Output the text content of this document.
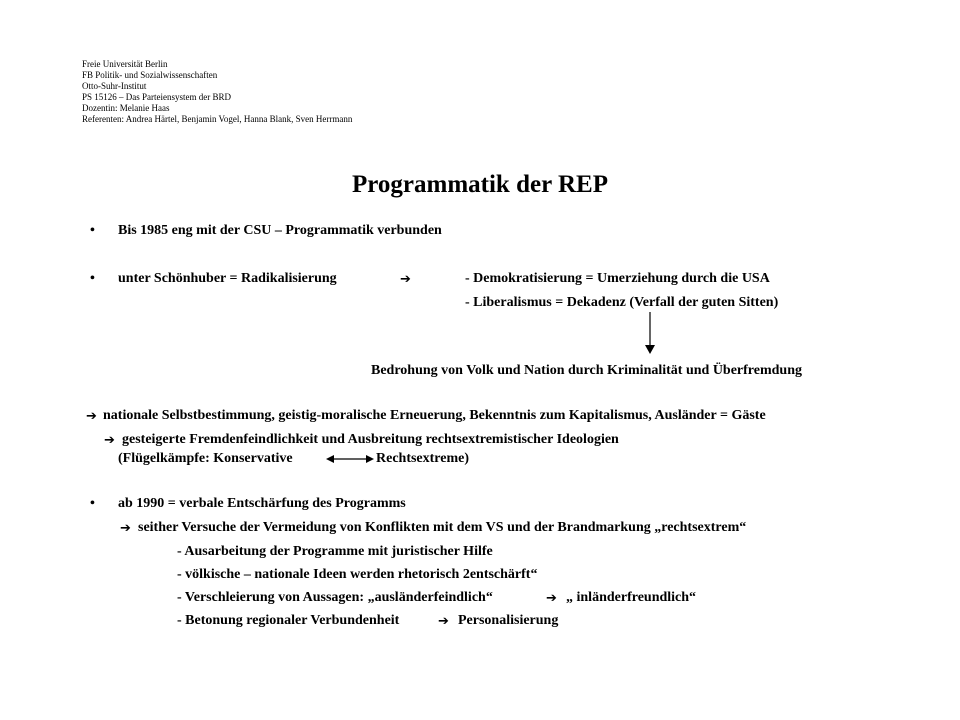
Freie Universität Berlin
FB Politik- und Sozialwissenschaften
Otto-Suhr-Institut
PS 15126 – Das Parteiensystem der BRD
Dozentin: Melanie Haas
Referenten: Andrea Härtel, Benjamin Vogel, Hanna Blank, Sven Herrmann
Programmatik der REP
• Bis 1985 eng mit der CSU – Programmatik verbunden
• unter Schönhuber = Radikalisierung	➔	- Demokratisierung = Umerziehung durch die USA
- Liberalismus = Dekadenz (Verfall der guten Sitten)
Bedrohung von Volk und Nation durch Kriminalität und Überfremdung
➔ nationale Selbstbestimmung, geistig-moralische Erneuerung, Bekenntnis zum Kapitalismus, Ausländer = Gäste
➔ gesteigerte Fremdenfeindlichkeit und Ausbreitung rechtsextremistischer Ideologien
(Flügelkämpfe: Konservative	Rechtsextreme)
• ab 1990 = verbale Entschärfung des Programms
➔ seither Versuche der Vermeidung von Konflikten mit dem VS und der Brandmarkung „rechtsextrem“
- Ausarbeitung der Programme mit juristischer Hilfe
- völkische – nationale Ideen werden rhetorisch 2entschärft“
- Verschleierung von Aussagen: „ausländerfeindlich“	➔ „ inländerfreundlich“
- Betonung regionaler Verbundenheit	➔ Personalisierung
